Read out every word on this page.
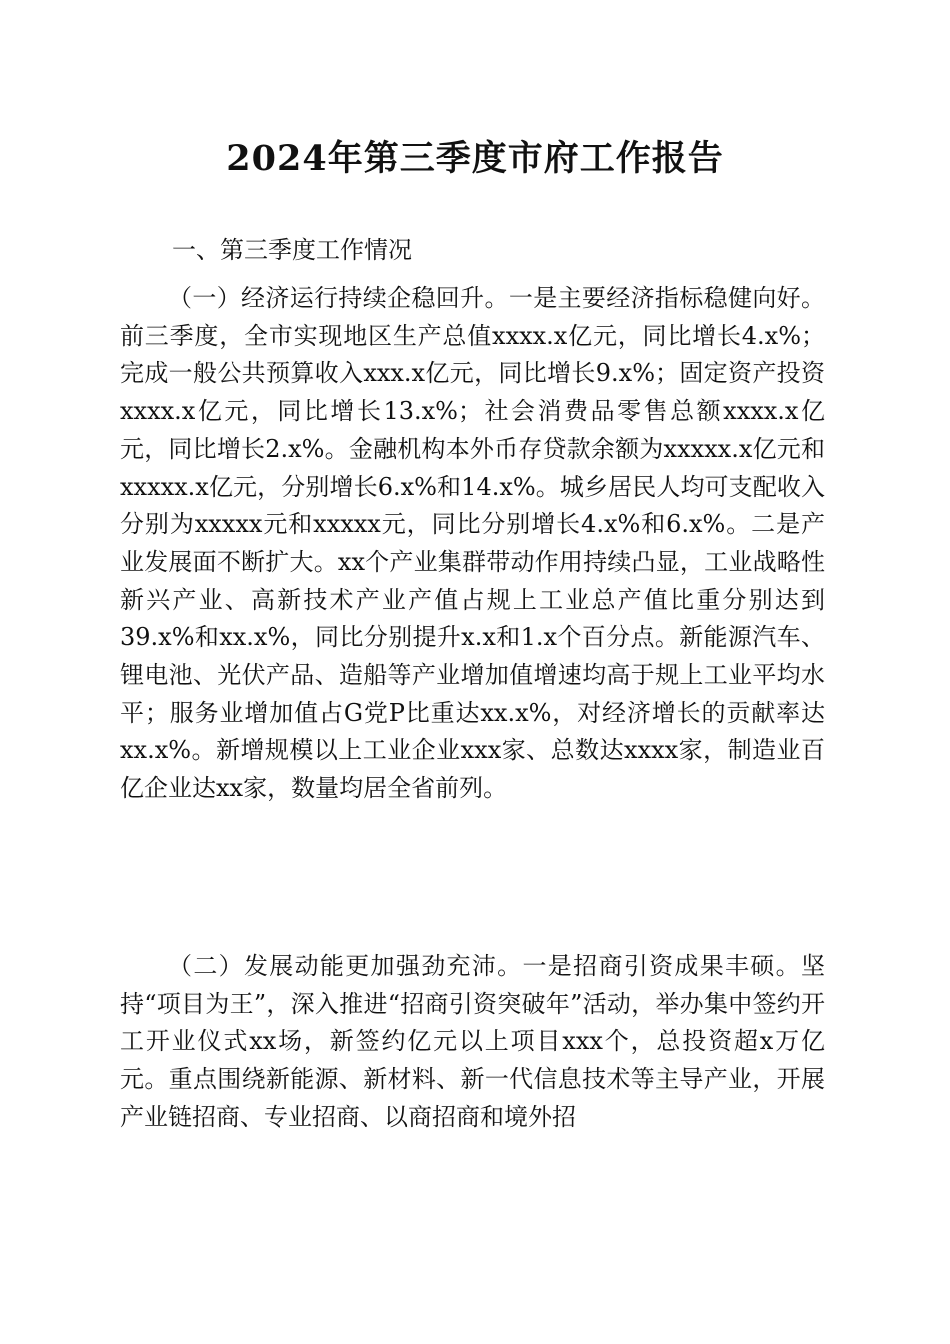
2024年第三季度市府工作报告
一、第三季度工作情况

（一）经济运行持续企稳回升。一是主要经济指标稳健向好。前三季度，全市实现地区生产总值xxxx.x亿元，同比增长4.x%；完成一般公共预算收入xxx.x亿元，同比增长9.x%；固定资产投资xxxx.x亿元，同比增长13.x%；社会消费品零售总额xxxx.x亿元，同比增长2.x%。金融机构本外币存贷款余额为xxxxx.x亿元和xxxxx.x亿元，分别增长6.x%和14.x%。城乡居民人均可支配收入分别为xxxxx元和xxxxx元，同比分别增长4.x%和6.x%。二是产业发展面不断扩大。xx个产业集群带动作用持续凸显，工业战略性新兴产业、高新技术产业产值占规上工业总产值比重分别达到39.x%和xx.x%，同比分别提升x.x和1.x个百分点。新能源汽车、锂电池、光伏产品、造船等产业增加值增速均高于规上工业平均水平；服务业增加值占G党P比重达xx.x%，对经济增长的贡献率达xx.x%。新增规模以上工业企业xxx家、总数达xxxx家，制造业百亿企业达xx家，数量均居全省前列。

（二）发展动能更加强劲充沛。一是招商引资成果丰硕。坚持“项目为王”，深入推进“招商引资突破年”活动，举办集中签约开工开业仪式xx场，新签约亿元以上项目xxx个，总投资超x万亿元。重点围绕新能源、新材料、新一代信息技术等主导产业，开展产业链招商、专业招商、以商招商和境外招
